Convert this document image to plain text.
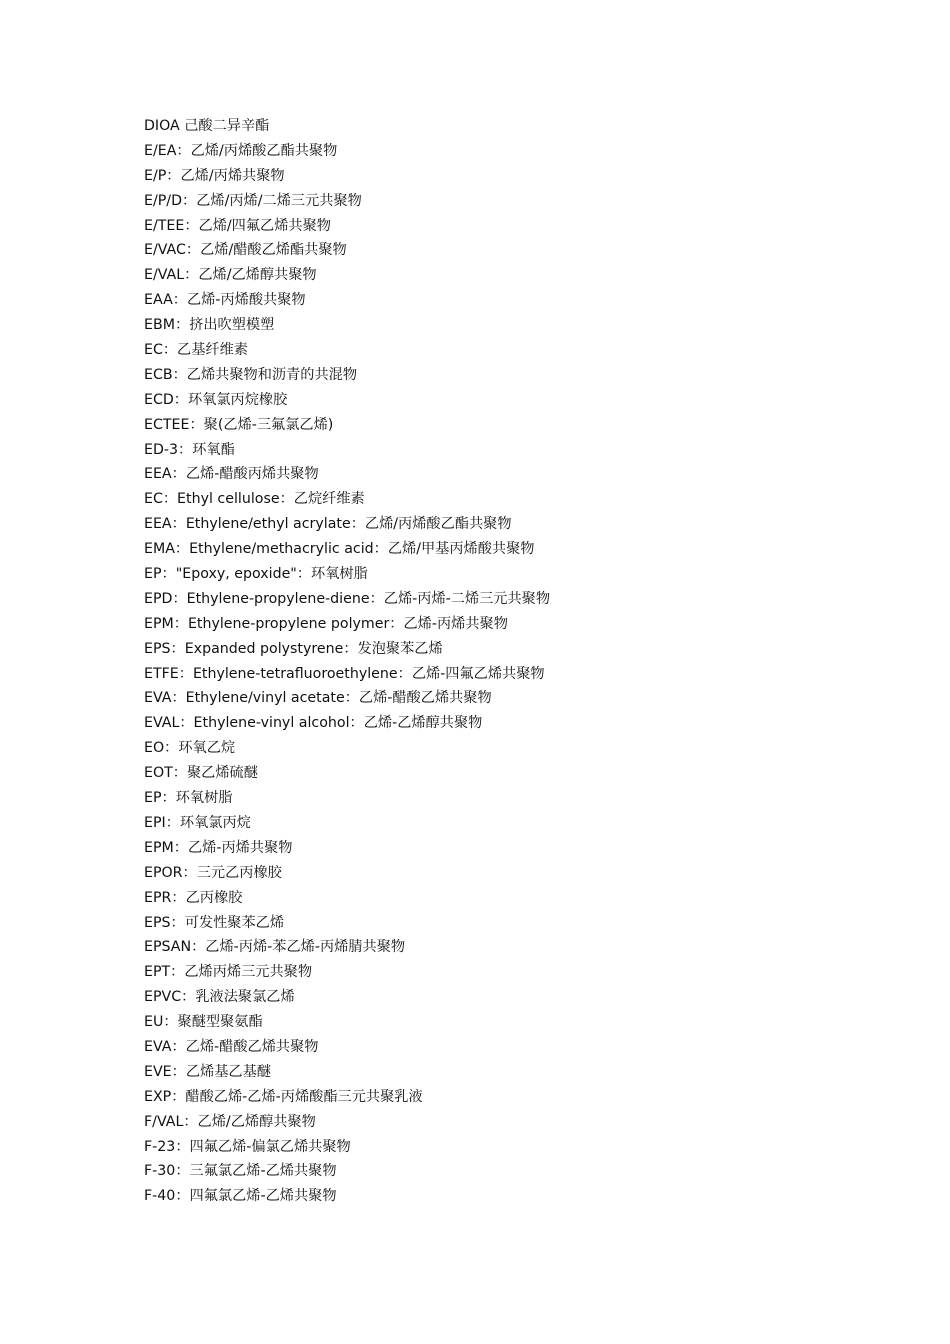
DIOA 己酸二异辛酯
E/EA：乙烯/丙烯酸乙酯共聚物
E/P：乙烯/丙烯共聚物
E/P/D：乙烯/丙烯/二烯三元共聚物
E/TEE：乙烯/四氟乙烯共聚物
E/VAC：乙烯/醋酸乙烯酯共聚物
E/VAL：乙烯/乙烯醇共聚物
EAA：乙烯-丙烯酸共聚物
EBM：挤出吹塑模塑
EC：乙基纤维素
ECB：乙烯共聚物和沥青的共混物
ECD：环氧氯丙烷橡胶
ECTEE：聚(乙烯-三氟氯乙烯)
ED-3：环氧酯
EEA：乙烯-醋酸丙烯共聚物
EC：Ethyl cellulose：乙烷纤维素
EEA：Ethylene/ethyl acrylate：乙烯/丙烯酸乙酯共聚物
EMA：Ethylene/methacrylic acid：乙烯/甲基丙烯酸共聚物
EP："Epoxy, epoxide"：环氧树脂
EPD：Ethylene-propylene-diene：乙烯-丙烯-二烯三元共聚物
EPM：Ethylene-propylene polymer：乙烯-丙烯共聚物
EPS：Expanded polystyrene：发泡聚苯乙烯
ETFE：Ethylene-tetrafluoroethylene：乙烯-四氟乙烯共聚物
EVA：Ethylene/vinyl acetate：乙烯-醋酸乙烯共聚物
EVAL：Ethylene-vinyl alcohol：乙烯-乙烯醇共聚物
EO：环氧乙烷
EOT：聚乙烯硫醚
EP：环氧树脂
EPI：环氧氯丙烷
EPM：乙烯-丙烯共聚物
EPOR：三元乙丙橡胶
EPR：乙丙橡胶
EPS：可发性聚苯乙烯
EPSAN：乙烯-丙烯-苯乙烯-丙烯腈共聚物
EPT：乙烯丙烯三元共聚物
EPVC：乳液法聚氯乙烯
EU：聚醚型聚氨酯
EVA：乙烯-醋酸乙烯共聚物
EVE：乙烯基乙基醚
EXP：醋酸乙烯-乙烯-丙烯酸酯三元共聚乳液
F/VAL：乙烯/乙烯醇共聚物
F-23：四氟乙烯-偏氯乙烯共聚物
F-30：三氟氯乙烯-乙烯共聚物
F-40：四氟氯乙烯-乙烯共聚物
